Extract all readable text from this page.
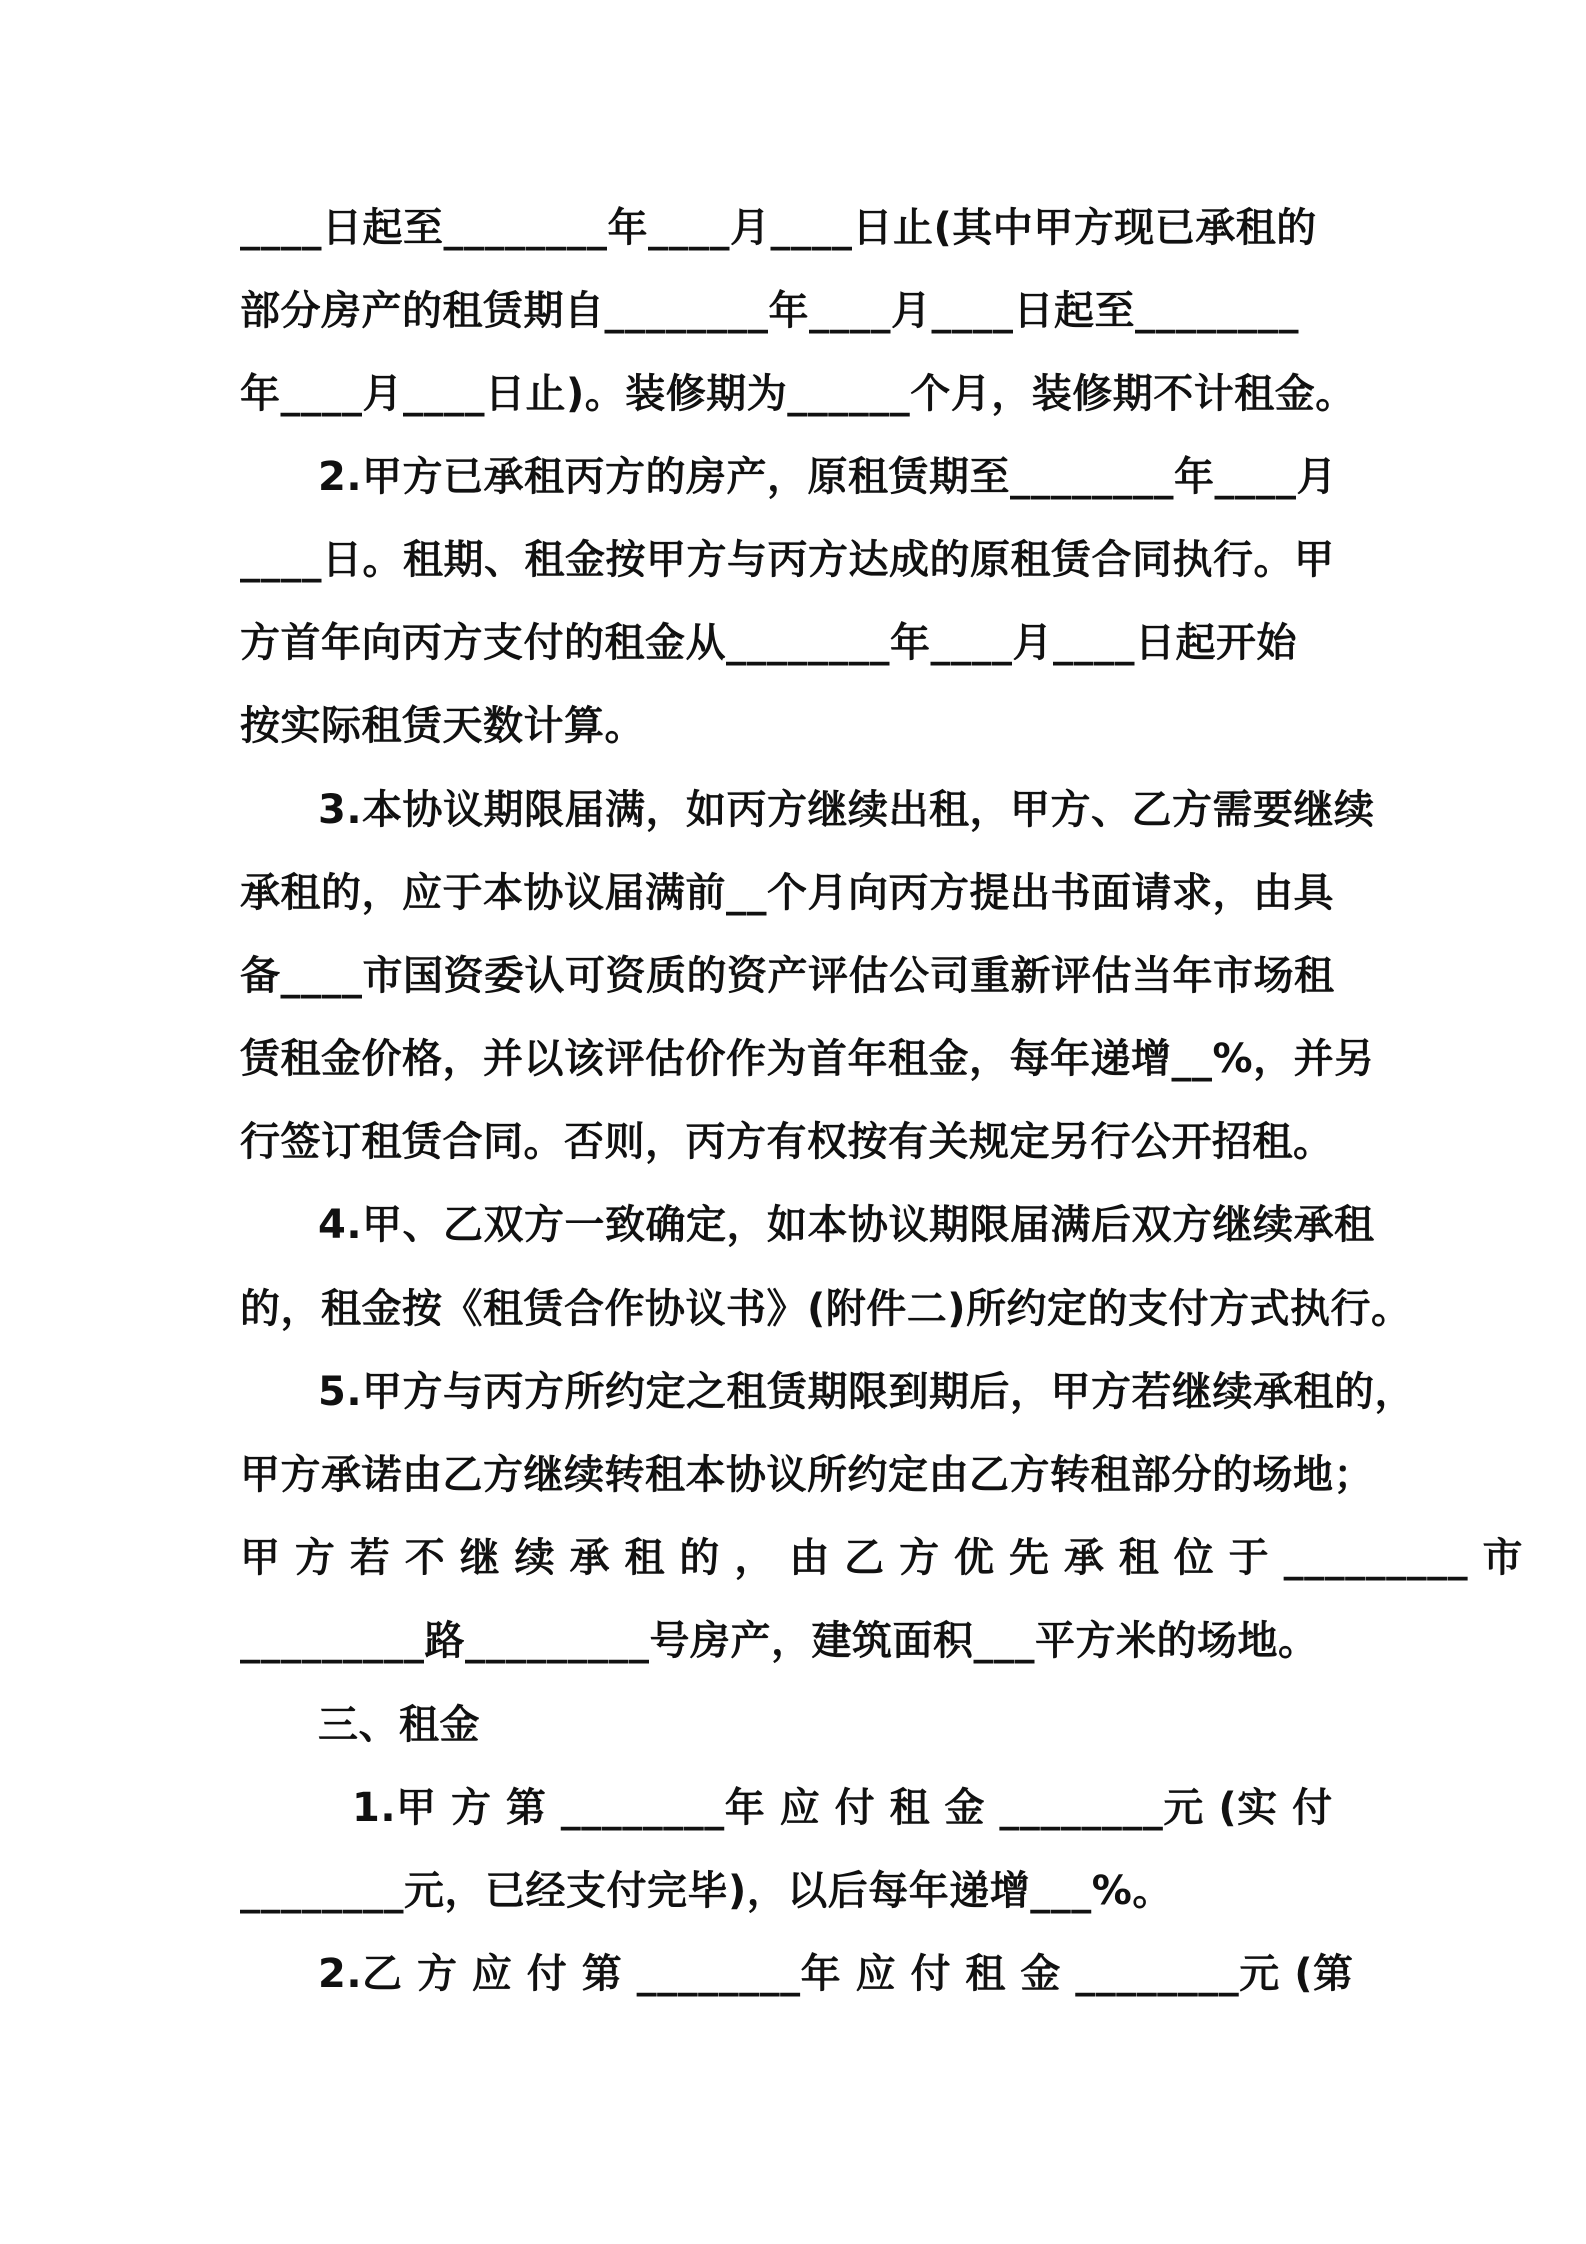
____日起至________年____月____日止(其中甲方现已承租的
部分房产的租赁期自________年____月____日起至________
年____月____日止)。装修期为______个月，装修期不计租金。
2.甲方已承租丙方的房产，原租赁期至________年____月
____日。租期、租金按甲方与丙方达成的原租赁合同执行。甲
方首年向丙方支付的租金从________年____月____日起开始
按实际租赁天数计算。
3.本协议期限届满，如丙方继续出租，甲方、乙方需要继续
承租的，应于本协议届满前__个月向丙方提出书面请求，由具
备____市国资委认可资质的资产评估公司重新评估当年市场租
赁租金价格，并以该评估价作为首年租金，每年递增__%，并另
行签订租赁合同。否则，丙方有权按有关规定另行公开招租。
4.甲、乙双方一致确定，如本协议期限届满后双方继续承租
的，租金按《租赁合作协议书》(附件二)所约定的支付方式执行。
5.甲方与丙方所约定之租赁期限到期后，甲方若继续承租的，
甲方承诺由乙方继续转租本协议所约定由乙方转租部分的场地；
甲 方 若 不 继 续 承 租 的 ， 由 乙 方 优 先 承 租 位 于 _________ 市
_________路_________号房产，建筑面积___平方米的场地。
三、租金
1.甲 方 第 ________年 应 付 租 金 ________元 (实 付
________元，已经支付完毕)，以后每年递增___%。
2.乙 方 应 付 第 ________年 应 付 租 金 ________元 (第
